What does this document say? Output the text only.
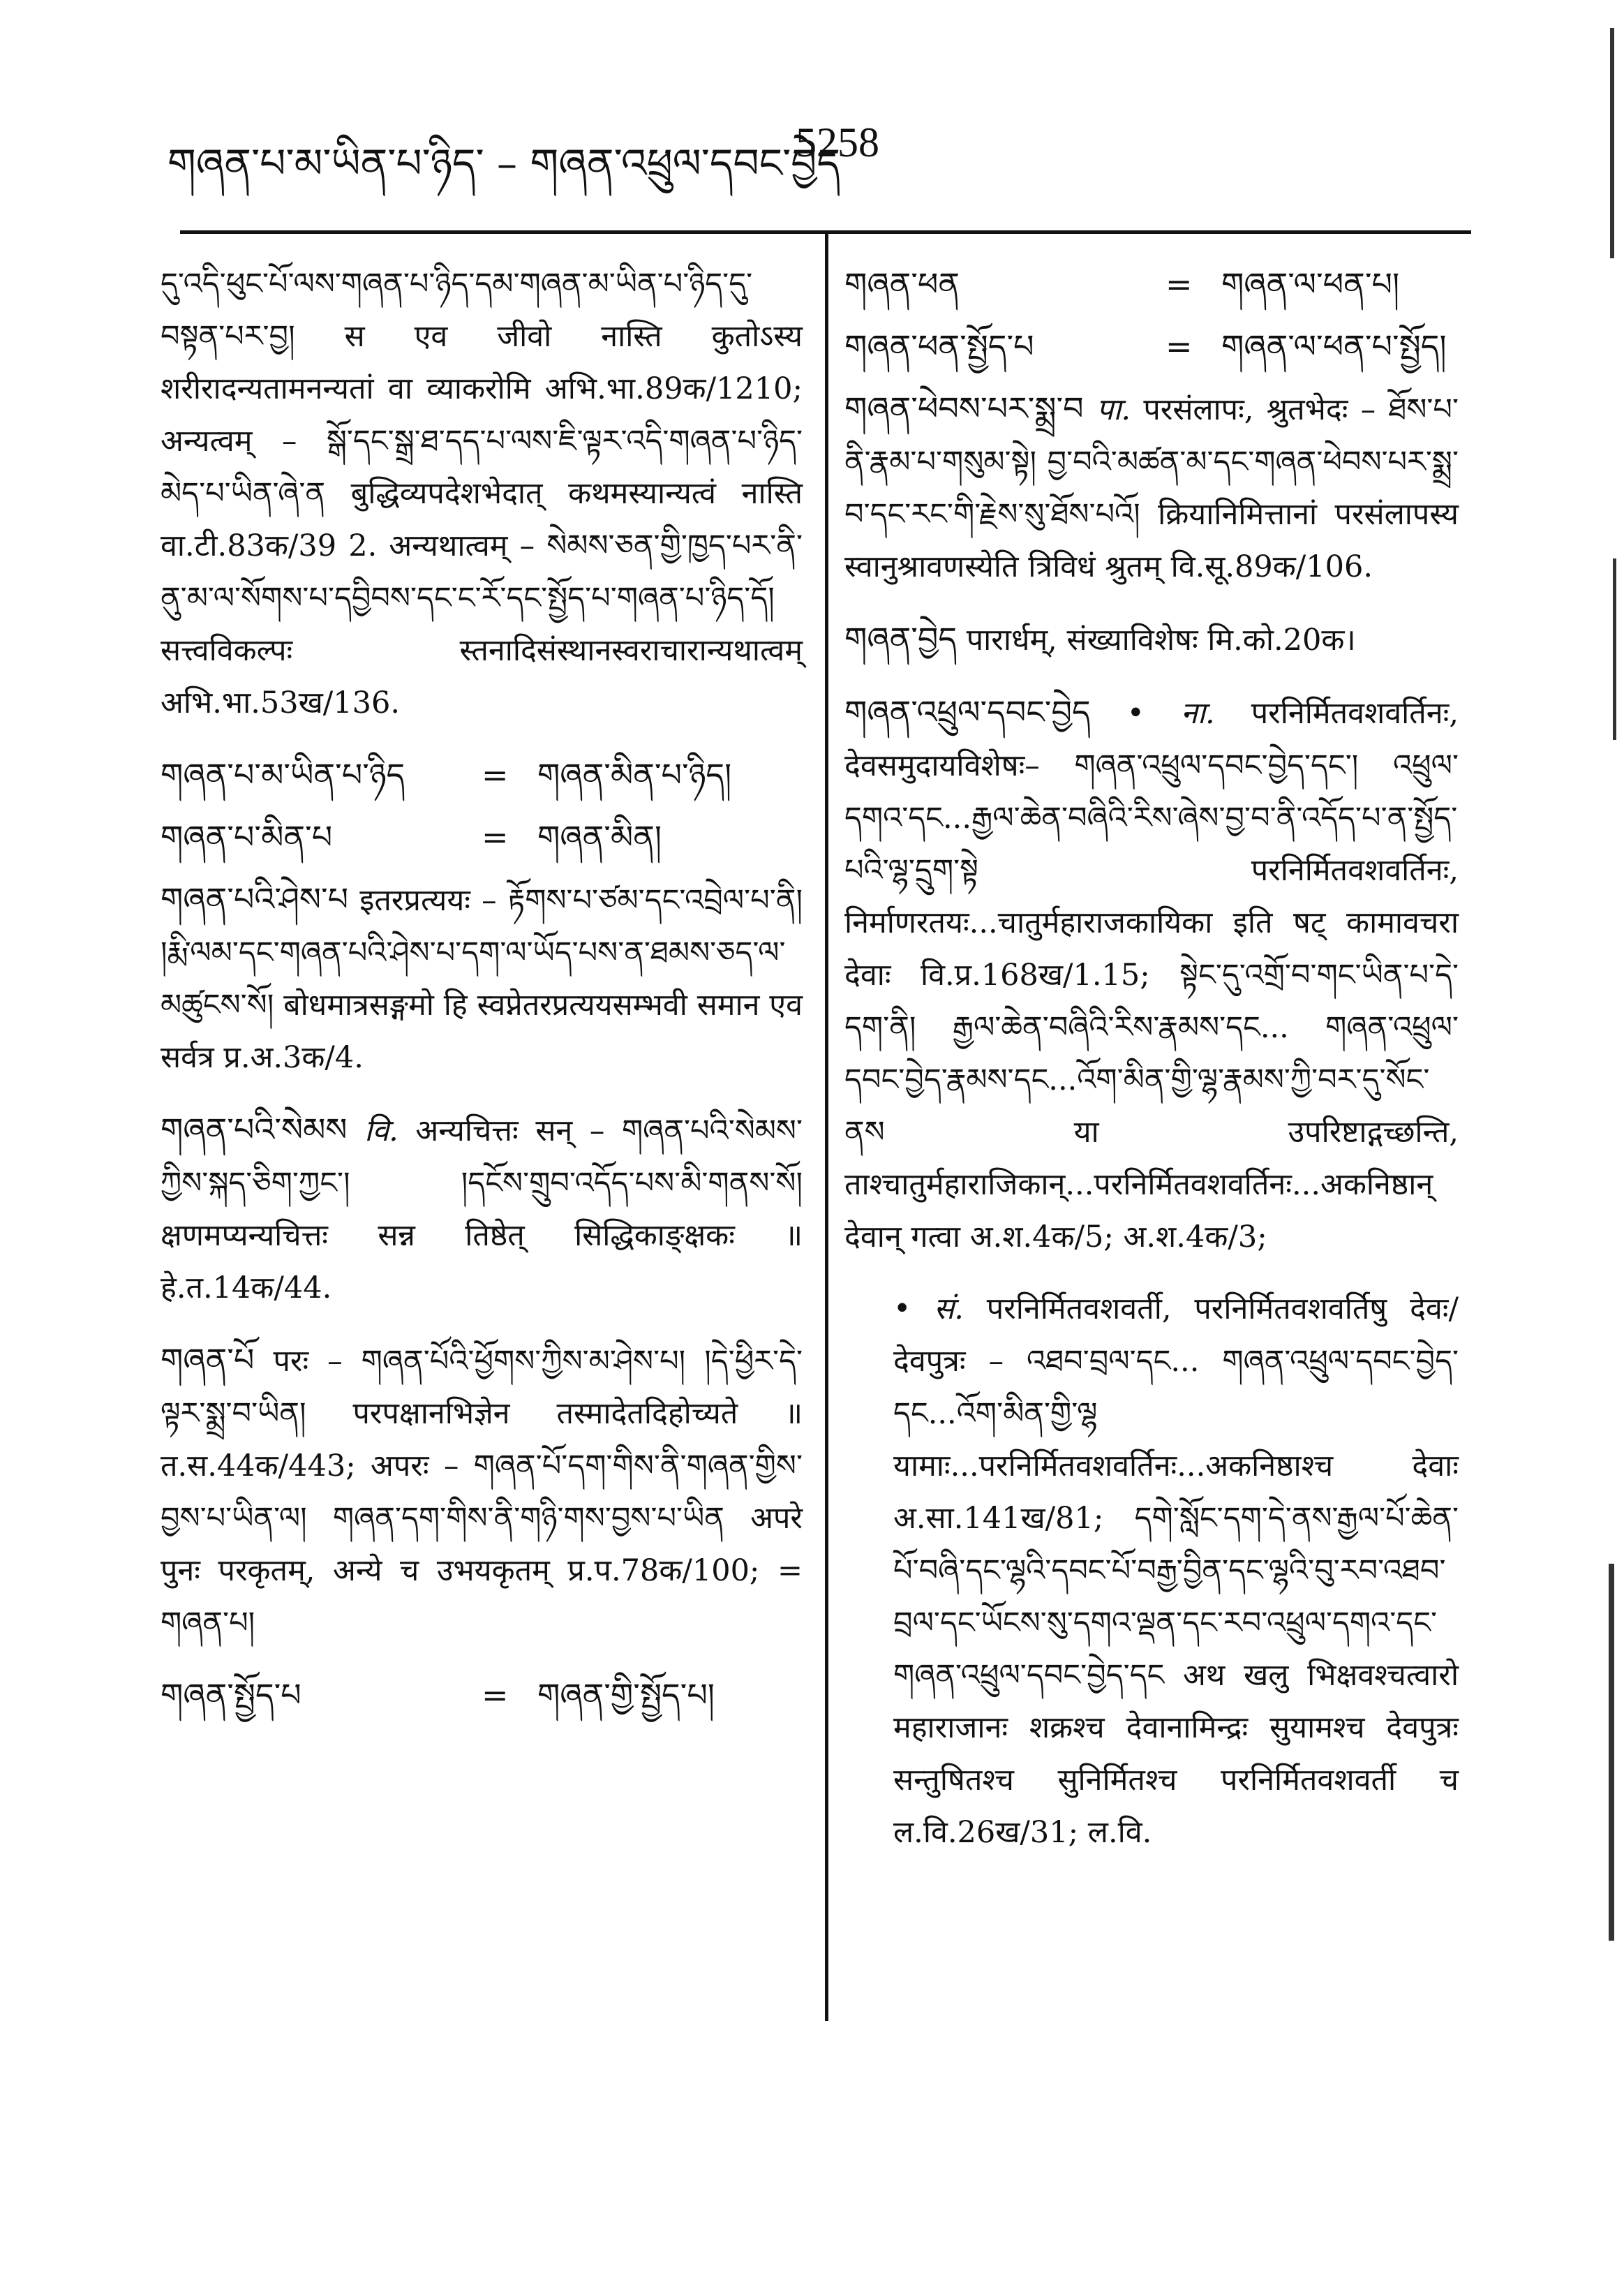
གཞན་པ་མ་ཡིན་པ་ཉིད་ – གཞན་འཕྲུལ་དབང་བྱེད
5258

དུ་འདི་ཕུང་པོ་ལས་གཞན་པ་ཉིད་དམ་གཞན་མ་ཡིན་པ་ཉིད་དུ་བསྟན་པར་བྱ། स एव जीवो नास्ति कुतोऽस्य शरीरादन्यतामनन्यतां वा व्याकरोमि अभि.भा.89क/1210; अन्यत्वम् – སྒོ་དང་སྒྲ་ཐ་དད་པ་ལས་ཇི་ལྟར་འདི་གཞན་པ་ཉིད་མེད་པ་ཡིན་ཞེ་ན बुद्धिव्यपदेशभेदात् कथमस्यान्यत्वं नास्ति वा.टी.83क/39 2. अन्यथात्वम् – སེམས་ཅན་གྱི་ཁྱད་པར་ནི་ནུ་མ་ལ་སོགས་པ་དབྱིབས་དང་ང་རོ་དང་སྤྱོད་པ་གཞན་པ་ཉིད་དོ། सत्त्वविकल्पः स्तनादिसंस्थानस्वराचारान्यथात्वम् अभि.भा.53ख/136.

གཞན་པ་མ་ཡིན་པ་ཉིད	= གཞན་མིན་པ་ཉིད།
གཞན་པ་མིན་པ	= གཞན་མིན།

གཞན་པའི་ཤེས་པ इतरप्रत्ययः – རྟོགས་པ་ཙམ་དང་འབྲེལ་པ་ནི། །རྨི་ལམ་དང་གཞན་པའི་ཤེས་པ་དག་ལ་ཡོད་པས་ན་ཐམས་ཅད་ལ་མཚུངས་སོ། बोधमात्रसङ्गमो हि स्वप्नेतरप्रत्ययसम्भवी समान एव सर्वत्र प्र.अ.3क/4.

གཞན་པའི་སེམས वि. अन्यचित्तः सन् – གཞན་པའི་སེམས་ཀྱིས་སྐད་ཅིག་ཀྱང་། །དངོས་གྲུབ་འདོད་པས་མི་གནས་སོ། क्षणमप्यन्यचित्तः सन्न तिष्ठेत् सिद्धिकाङ्क्षकः ॥ हे.त.14क/44.

གཞན་པོ परः – གཞན་པོའི་ཕྱོགས་ཀྱིས་མ་ཤེས་པ། །དེ་ཕྱིར་དེ་ལྟར་སྨྲ་བ་ཡིན། परपक्षानभिज्ञेन तस्मादेतदिहोच्यते ॥ त.स.44क/443; अपरः – གཞན་པོ་དག་གིས་ནི་གཞན་གྱིས་བྱས་པ་ཡིན་ལ། གཞན་དག་གིས་ནི་གཉི་གས་བྱས་པ་ཡིན अपरे पुनः परकृतम्, अन्ये च उभयकृतम् प्र.प.78क/100; = གཞན་པ།

གཞན་སྤྱོད་པ	= གཞན་གྱི་སྤྱོད་པ།
གཞན་ཕན	= གཞན་ལ་ཕན་པ།
གཞན་ཕན་སྤྱོད་པ	= གཞན་ལ་ཕན་པ་སྤྱོད།

གཞན་ཕེབས་པར་སྨྲ་བ पा. परसंलापः, श्रुतभेदः – ཐོས་པ་ནི་རྣམ་པ་གསུམ་སྟེ། བྱ་བའི་མཚན་མ་དང་གཞན་ཕེབས་པར་སྨྲ་བ་དང་རང་གི་རྗེས་སུ་ཐོས་པའོ། क्रियानिमित्तानां परसंलापस्य स्वानुश्रावणस्येति त्रिविधं श्रुतम् वि.सू.89क/106.

གཞན་བྱེད पारार्धम्, संख्याविशेषः मि.को.20क।

གཞན་འཕྲུལ་དབང་བྱེད • ना. परनिर्मितवशवर्तिनः, देवसमुदायविशेषः– གཞན་འཕྲུལ་དབང་བྱེད་དང་། འཕྲུལ་དགའ་དང...རྒྱལ་ཆེན་བཞིའི་རིས་ཞེས་བྱ་བ་ནི་འདོད་པ་ན་སྤྱོད་པའི་ལྷ་དྲུག་སྟེ परनिर्मितवशवर्तिनः, निर्माणरतयः...चातुर्महाराजकायिका इति षट् कामावचरा देवाः वि.प्र.168ख/1.15; སྟེང་དུ་འགྲོ་བ་གང་ཡིན་པ་དེ་དག་ནི། རྒྱལ་ཆེན་བཞིའི་རིས་རྣམས་དང... གཞན་འཕྲུལ་དབང་བྱེད་རྣམས་དང...འོག་མིན་གྱི་ལྷ་རྣམས་ཀྱི་བར་དུ་སོང་ནས या उपरिष्टाद्गच्छन्ति, ताश्चातुर्महाराजिकान्...परनिर्मितवशवर्तिनः...अकनिष्ठान् देवान् गत्वा अ.श.4क/5; अ.श.4क/3;

• सं. परनिर्मितवशवर्ती, परनिर्मितवशवर्तिषु देवः/देवपुत्रः – འཐབ་བྲལ་དང... གཞན་འཕྲུལ་དབང་བྱེད་དང...འོག་མིན་གྱི་ལྷ यामाः...परनिर्मितवशवर्तिनः...अकनिष्ठाश्च देवाः अ.सा.141ख/81; དགེ་སློང་དག་དེ་ནས་རྒྱལ་པོ་ཆེན་པོ་བཞི་དང་ལྷའི་དབང་པོ་བརྒྱ་བྱིན་དང་ལྷའི་བུ་རབ་འཐབ་བྲལ་དང་ཡོངས་སུ་དགའ་ལྡན་དང་རབ་འཕྲུལ་དགའ་དང་གཞན་འཕྲུལ་དབང་བྱེད་དང अथ खलु भिक्षवश्चत्वारो महाराजानः शक्रश्च देवानामिन्द्रः सुयामश्च देवपुत्रः सन्तुषितश्च सुनिर्मितश्च परनिर्मितवशवर्ती च ल.वि.26ख/31; ल.वि.
